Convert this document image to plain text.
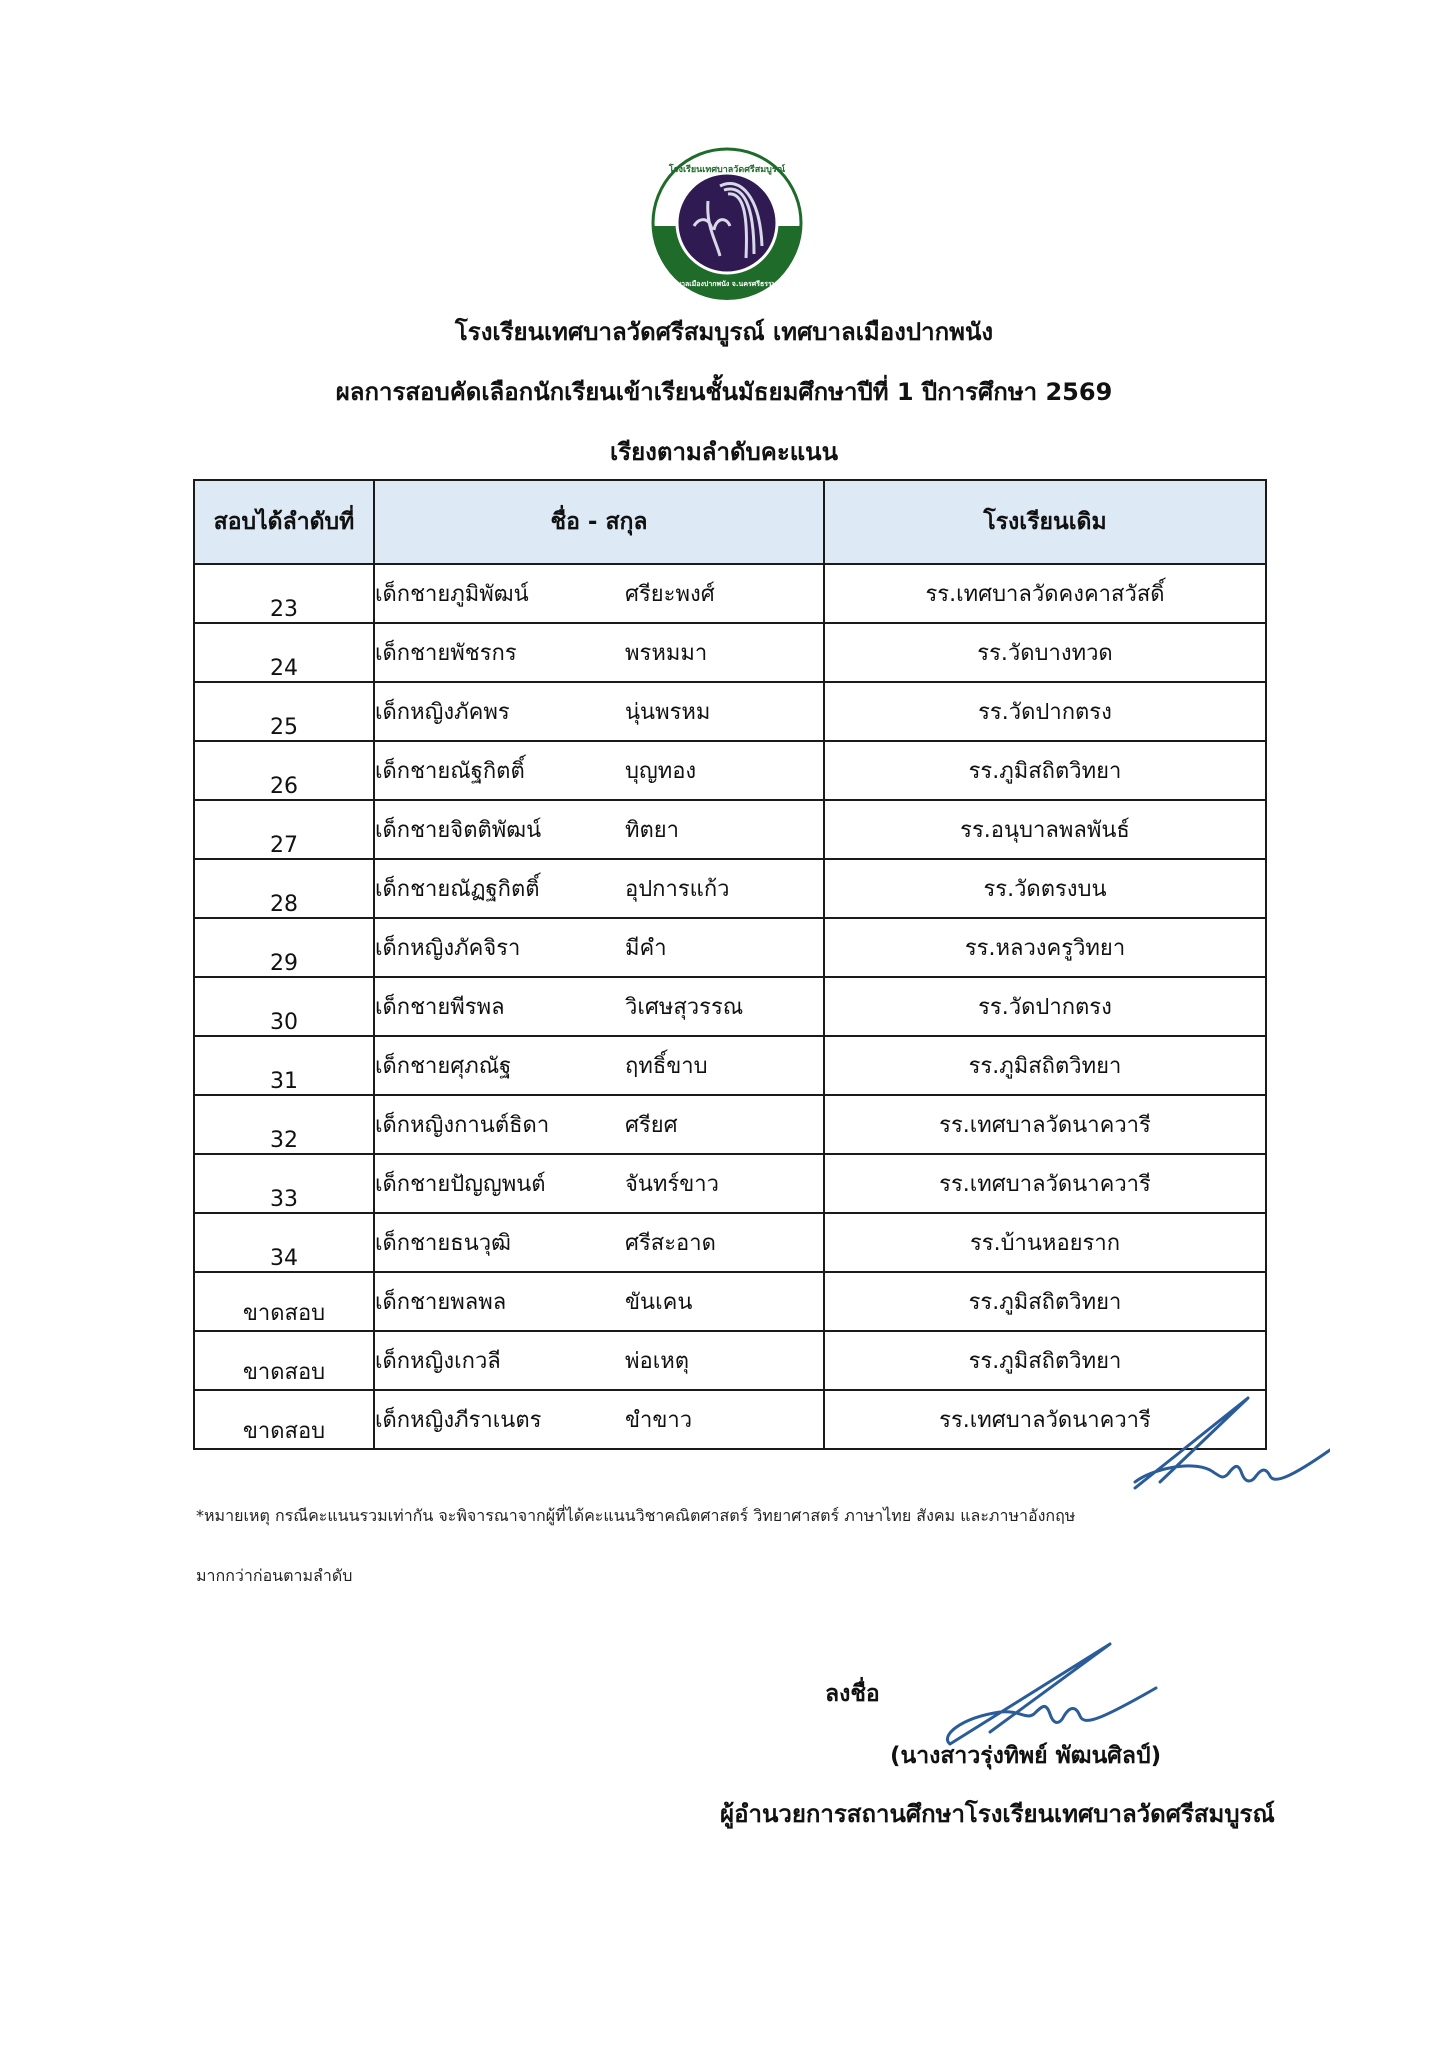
โรงเรียนเทศบาลวัดศรีสมบูรณ์
เทศบาลเมืองปากพนัง จ.นครศรีธรรมราช
โรงเรียนเทศบาลวัดศรีสมบูรณ์ เทศบาลเมืองปากพนัง
ผลการสอบคัดเลือกนักเรียนเข้าเรียนชั้นมัธยมศึกษาปีที่ 1 ปีการศึกษา 2569
เรียงตามลำดับคะแนน
สอบได้ลำดับที่	ชื่อ - สกุล	โรงเรียนเดิม
23	เด็กชายภูมิพัฒน์ ศรียะพงศ์	รร.เทศบาลวัดคงคาสวัสดิ์
24	เด็กชายพัชรกร พรหมมา	รร.วัดบางทวด
25	เด็กหญิงภัคพร นุ่นพรหม	รร.วัดปากตรง
26	เด็กชายณัฐกิตติ์ บุญทอง	รร.ภูมิสถิตวิทยา
27	เด็กชายจิตติพัฒน์ ทิตยา	รร.อนุบาลพลพันธ์
28	เด็กชายณัฏฐกิตติ์ อุปการแก้ว	รร.วัดตรงบน
29	เด็กหญิงภัคจิรา มีคำ	รร.หลวงครูวิทยา
30	เด็กชายพีรพล วิเศษสุวรรณ	รร.วัดปากตรง
31	เด็กชายศุภณัฐ ฤทธิ์ขาบ	รร.ภูมิสถิตวิทยา
32	เด็กหญิงกานต์ธิดา ศรียศ	รร.เทศบาลวัดนาควารี
33	เด็กชายปัญญพนต์ จันทร์ขาว	รร.เทศบาลวัดนาควารี
34	เด็กชายธนวุฒิ ศรีสะอาด	รร.บ้านหอยราก
ขาดสอบ	เด็กชายพลพล ขันเคน	รร.ภูมิสถิตวิทยา
ขาดสอบ	เด็กหญิงเกวลี พ่อเหตุ	รร.ภูมิสถิตวิทยา
ขาดสอบ	เด็กหญิงภีราเนตร ขำขาว	รร.เทศบาลวัดนาควารี
*หมายเหตุ กรณีคะแนนรวมเท่ากัน จะพิจารณาจากผู้ที่ได้คะแนนวิชาคณิตศาสตร์ วิทยาศาสตร์ ภาษาไทย สังคม และภาษาอังกฤษ
มากกว่าก่อนตามลำดับ
ลงชื่อ
(นางสาวรุ่งทิพย์ พัฒนศิลป์)
ผู้อำนวยการสถานศึกษาโรงเรียนเทศบาลวัดศรีสมบูรณ์
